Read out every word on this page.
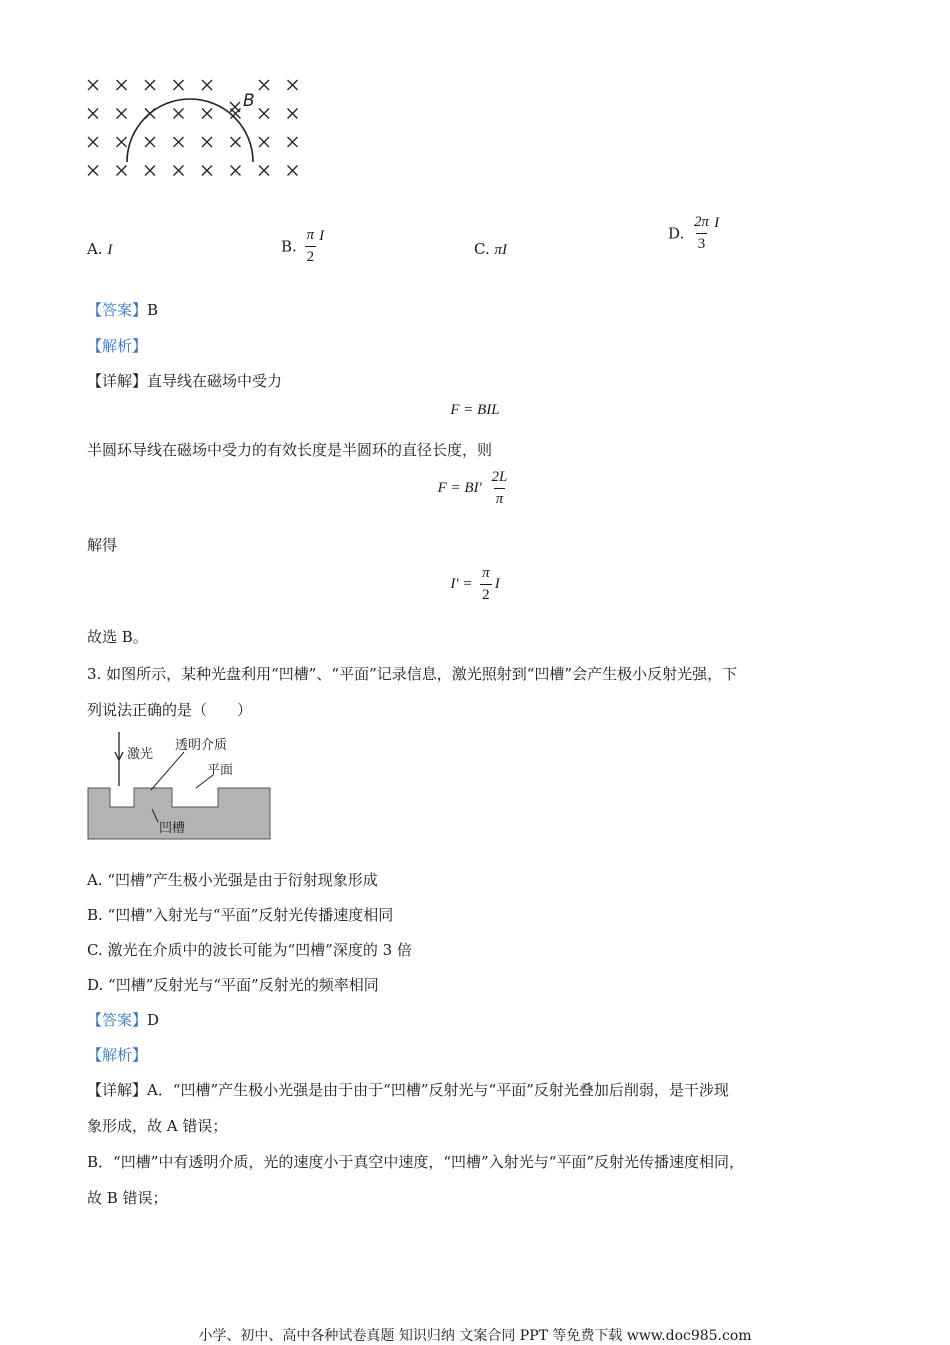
B
A. I	B. $\frac{\pi}{2}$ I
C. πI
D. $\frac{2\pi}{3}$ I
【答案】B
【解析】
【详解】直导线在磁场中受力
F = BIL
半圆环导线在磁场中受力的有效长度是半圆环的直径长度，则
$F = BI' \frac{2L}{\pi}$
解得
$I' = \frac{\pi}{2}$ I
故选 B。
3. 如图所示，某种光盘利用“凹槽”、“平面”记录信息，激光照射到“凹槽”会产生极小反射光强，下
列说法正确的是（　　）
激光
透明介质
平面
凹槽
A. “凹槽”产生极小光强是由于衍射现象形成
B. “凹槽”入射光与“平面”反射光传播速度相同
C. 激光在介质中的波长可能为“凹槽”深度的 3 倍
D. “凹槽”反射光与“平面”反射光的频率相同
【答案】D
【解析】
【详解】A．“凹槽”产生极小光强是由于由于“凹槽”反射光与“平面”反射光叠加后削弱，是干涉现
象形成，故 A 错误；
B．“凹槽”中有透明介质，光的速度小于真空中速度，“凹槽”入射光与“平面”反射光传播速度相同，
故 B 错误；
小学、初中、高中各种试卷真题 知识归纳 文案合同 PPT 等免费下载 www.doc985.com
